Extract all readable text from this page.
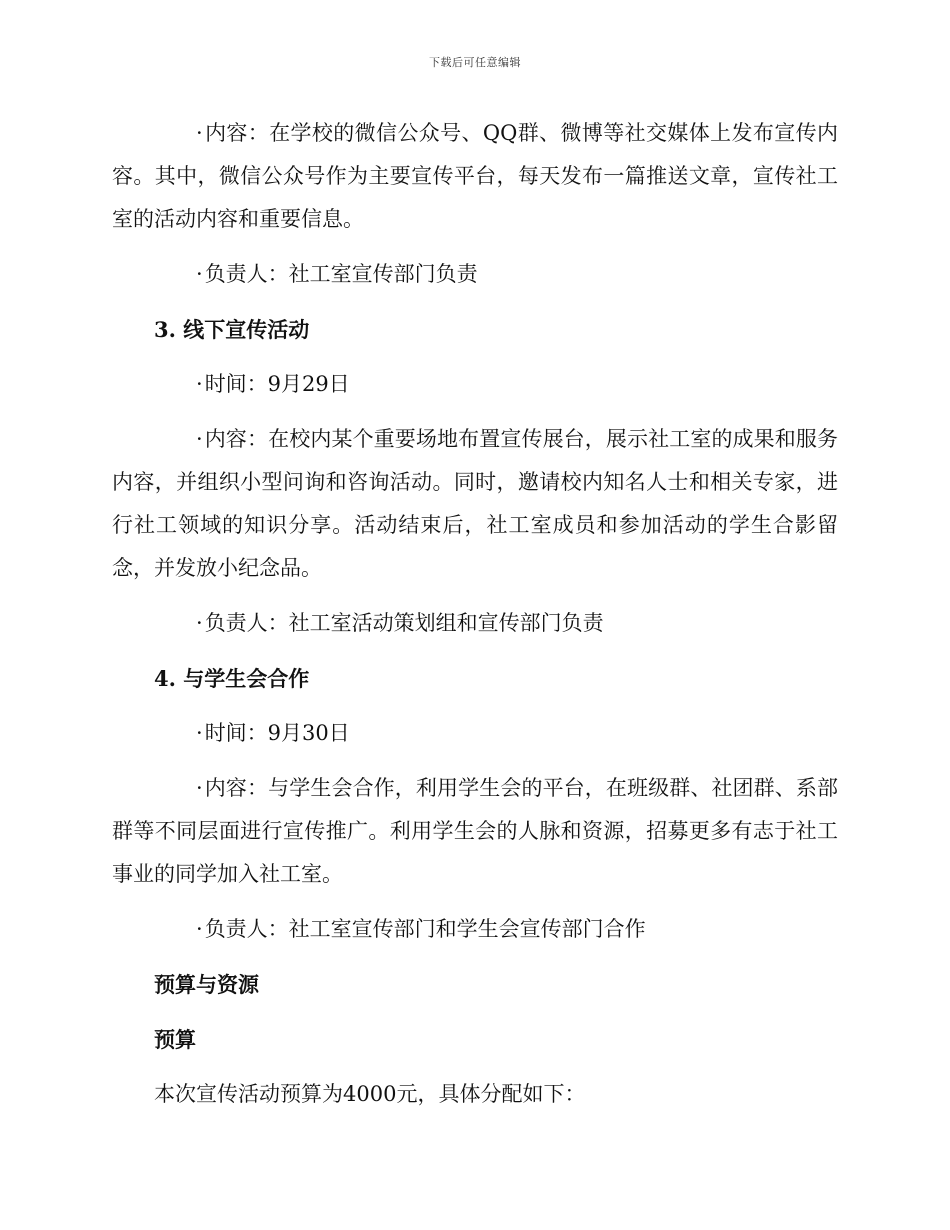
下载后可任意编辑

·内容：在学校的微信公众号、QQ群、微博等社交媒体上发布宣传内容。其中，微信公众号作为主要宣传平台，每天发布一篇推送文章，宣传社工室的活动内容和重要信息。

·负责人：社工室宣传部门负责

3. 线下宣传活动

·时间：9月29日

·内容：在校内某个重要场地布置宣传展台，展示社工室的成果和服务内容，并组织小型问询和咨询活动。同时，邀请校内知名人士和相关专家，进行社工领域的知识分享。活动结束后，社工室成员和参加活动的学生合影留念，并发放小纪念品。

·负责人：社工室活动策划组和宣传部门负责

4. 与学生会合作

·时间：9月30日

·内容：与学生会合作，利用学生会的平台，在班级群、社团群、系部群等不同层面进行宣传推广。利用学生会的人脉和资源，招募更多有志于社工事业的同学加入社工室。

·负责人：社工室宣传部门和学生会宣传部门合作

预算与资源

预算

本次宣传活动预算为4000元，具体分配如下：
